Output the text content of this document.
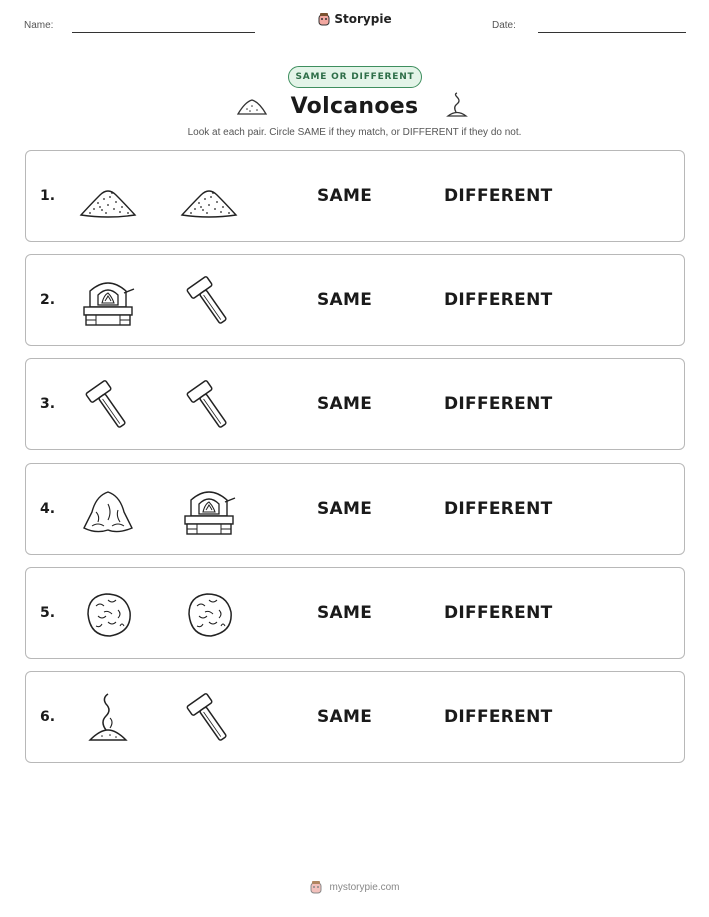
Name:	Storypie	Date:
SAME OR DIFFERENT
Volcanoes
Look at each pair. Circle SAME if they match, or DIFFERENT if they do not.
1.	SAME	DIFFERENT
2.	SAME	DIFFERENT
3.	SAME	DIFFERENT
4.	SAME	DIFFERENT
5.	SAME	DIFFERENT
6.	SAME	DIFFERENT
mystorypie.com
